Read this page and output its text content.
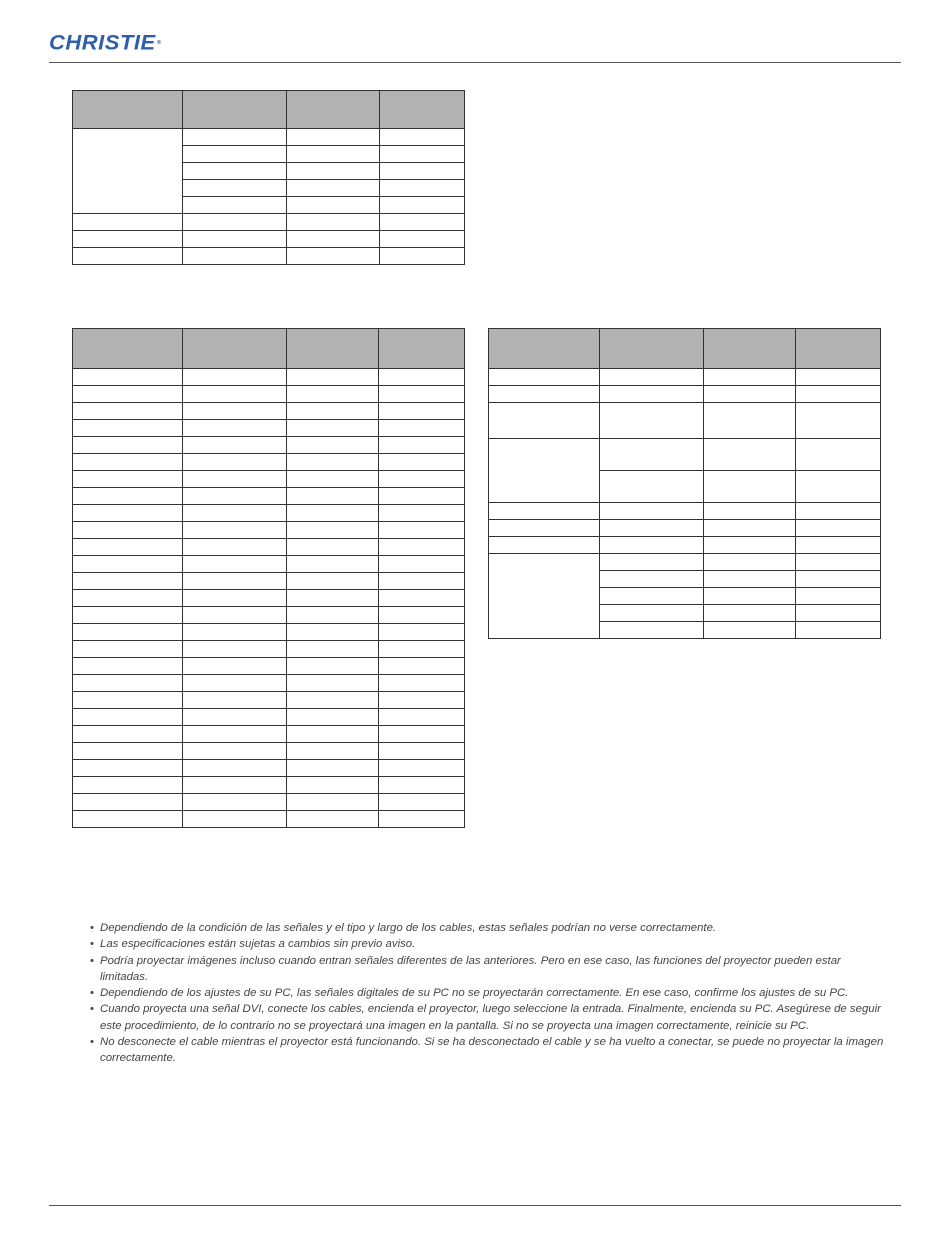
CHRISTIE®

• Dependiendo de la condición de las señales y el tipo y largo de los cables, estas señales podrían no verse correctamente.
• Las especificaciones están sujetas a cambios sin previo aviso.
• Podría proyectar imágenes incluso cuando entran señales diferentes de las anteriores. Pero en ese caso, las funciones del proyector pueden estar limitadas.
• Dependiendo de los ajustes de su PC, las señales digitales de su PC no se proyectarán correctamente. En ese caso, confirme los ajustes de su PC.
• Cuando proyecta una señal DVI, conecte los cables, encienda el proyector, luego seleccione la entrada. Finalmente, encienda su PC. Asegúrese de seguir este procedimiento, de lo contrario no se proyectará una imagen en la pantalla. Si no se proyecta una imagen correctamente, reinicie su PC.
• No desconecte el cable mientras el proyector está funcionando. Si se ha desconectado el cable y se ha vuelto a conectar, se puede no proyectar la imagen correctamente.
